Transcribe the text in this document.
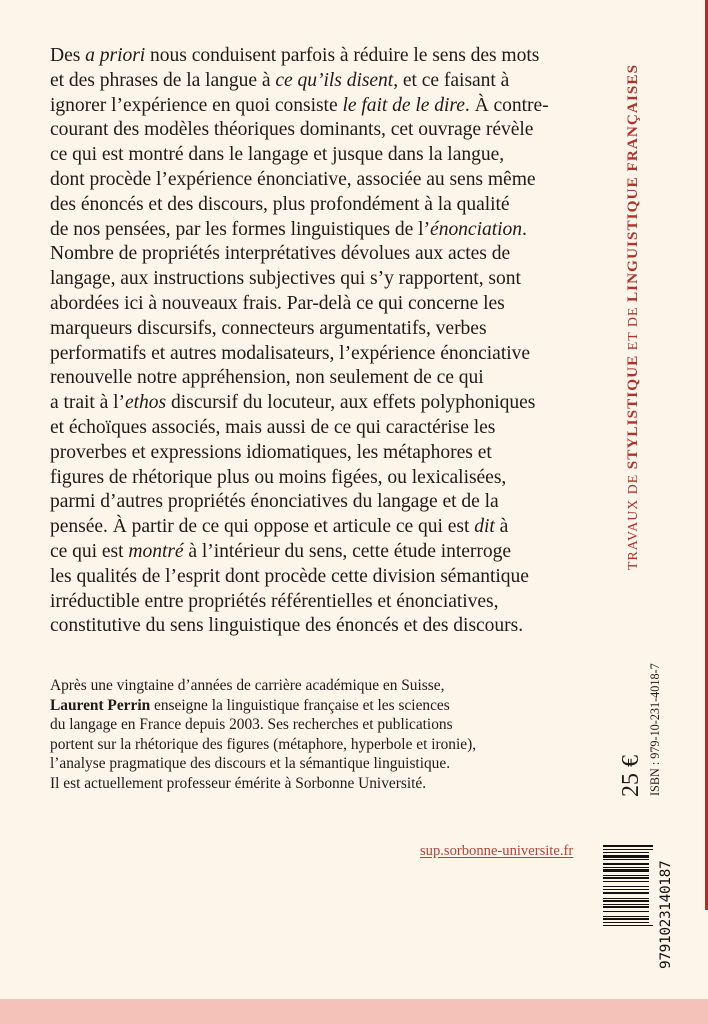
Des a priori nous conduisent parfois à réduire le sens des mots
et des phrases de la langue à ce qu’ils disent, et ce faisant à
ignorer l’expérience en quoi consiste le fait de le dire. À contre-
courant des modèles théoriques dominants, cet ouvrage révèle
ce qui est montré dans le langage et jusque dans la langue,
dont procède l’expérience énonciative, associée au sens même
des énoncés et des discours, plus profondément à la qualité
de nos pensées, par les formes linguistiques de l’énonciation.
Nombre de propriétés interprétatives dévolues aux actes de
langage, aux instructions subjectives qui s’y rapportent, sont
abordées ici à nouveaux frais. Par-delà ce qui concerne les
marqueurs discursifs, connecteurs argumentatifs, verbes
performatifs et autres modalisateurs, l’expérience énonciative
renouvelle notre appréhension, non seulement de ce qui
a trait à l’ethos discursif du locuteur, aux effets polyphoniques
et échoïques associés, mais aussi de ce qui caractérise les
proverbes et expressions idiomatiques, les métaphores et
figures de rhétorique plus ou moins figées, ou lexicalisées,
parmi d’autres propriétés énonciatives du langage et de la
pensée. À partir de ce qui oppose et articule ce qui est dit à
ce qui est montré à l’intérieur du sens, cette étude interroge
les qualités de l’esprit dont procède cette division sémantique
irréductible entre propriétés référentielles et énonciatives,
constitutive du sens linguistique des énoncés et des discours.
Après une vingtaine d’années de carrière académique en Suisse,
Laurent Perrin enseigne la linguistique française et les sciences
du langage en France depuis 2003. Ses recherches et publications
portent sur la rhétorique des figures (métaphore, hyperbole et ironie),
l’analyse pragmatique des discours et la sémantique linguistique.
Il est actuellement professeur émérite à Sorbonne Université.
TRAVAUX DE STYLISTIQUE ET DE LINGUISTIQUE FRANÇAISES
25 € ISBN : 979-10-231-4018-7
sup.sorbonne-universite.fr
9791023140187
